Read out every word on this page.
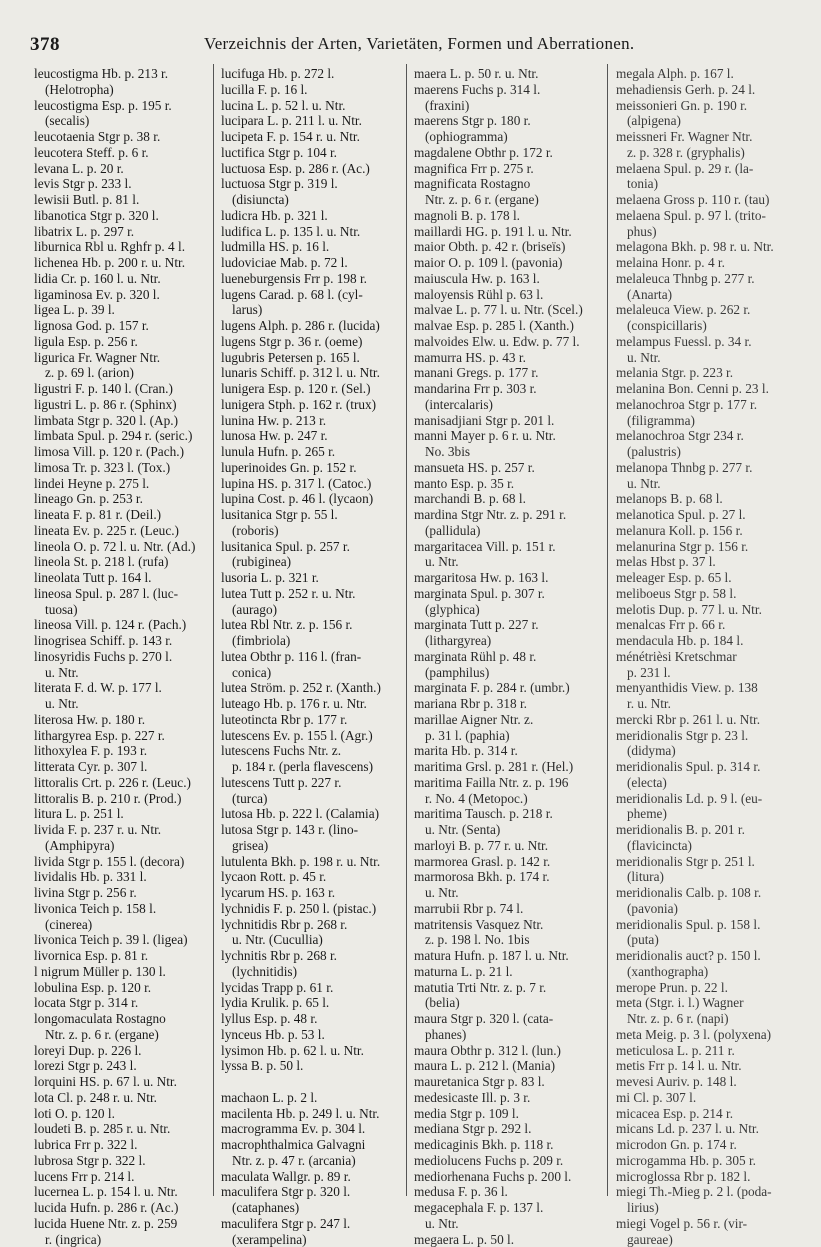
378	Verzeichnis der Arten, Varietäten, Formen und Aberrationen.
leucostigma Hb. p. 213 r.
(Helotropha)
leucostigma Esp. p. 195 r.
(secalis)
leucotaenia Stgr p. 38 r.
leucotera Steff. p. 6 r.
levana L. p. 20 r.
levis Stgr p. 233 l.
lewisii Butl. p. 81 l.
libanotica Stgr p. 320 l.
libatrix L. p. 297 r.
liburnica Rbl u. Rghfr p. 4 l.
lichenea Hb. p. 200 r. u. Ntr.
lidia Cr. p. 160 l. u. Ntr.
ligaminosa Ev. p. 320 l.
ligea L. p. 39 l.
lignosa God. p. 157 r.
ligula Esp. p. 256 r.
ligurica Fr. Wagner Ntr.
z. p. 69 l. (arion)
ligustri F. p. 140 l. (Cran.)
ligustri L. p. 86 r. (Sphinx)
limbata Stgr p. 320 l. (Ap.)
limbata Spul. p. 294 r. (seric.)
limosa Vill. p. 120 r. (Pach.)
limosa Tr. p. 323 l. (Tox.)
lindei Heyne p. 275 l.
lineago Gn. p. 253 r.
lineata F. p. 81 r. (Deil.)
lineata Ev. p. 225 r. (Leuc.)
lineola O. p. 72 l. u. Ntr. (Ad.)
lineola St. p. 218 l. (rufa)
lineolata Tutt p. 164 l.
lineosa Spul. p. 287 l. (luc-
tuosa)
lineosa Vill. p. 124 r. (Pach.)
linogrisea Schiff. p. 143 r.
linosyridis Fuchs p. 270 l.
u. Ntr.
literata F. d. W. p. 177 l.
u. Ntr.
literosa Hw. p. 180 r.
lithargyrea Esp. p. 227 r.
lithoxylea F. p. 193 r.
litterata Cyr. p. 307 l.
littoralis Crt. p. 226 r. (Leuc.)
littoralis B. p. 210 r. (Prod.)
litura L. p. 251 l.
livida F. p. 237 r. u. Ntr.
(Amphipyra)
livida Stgr p. 155 l. (decora)
lividalis Hb. p. 331 l.
livina Stgr p. 256 r.
livonica Teich p. 158 l.
(cinerea)
livonica Teich p. 39 l. (ligea)
livornica Esp. p. 81 r.
l nigrum Müller p. 130 l.
lobulina Esp. p. 120 r.
locata Stgr p. 314 r.
longomaculata Rostagno
Ntr. z. p. 6 r. (ergane)
loreyi Dup. p. 226 l.
lorezi Stgr p. 243 l.
lorquini HS. p. 67 l. u. Ntr.
lota Cl. p. 248 r. u. Ntr.
loti O. p. 120 l.
loudeti B. p. 285 r. u. Ntr.
lubrica Frr p. 322 l.
lubrosa Stgr p. 322 l.
lucens Frr p. 214 l.
lucernea L. p. 154 l. u. Ntr.
lucida Hufn. p. 286 r. (Ac.)
lucida Huene Ntr. z. p. 259
r. (ingrica)
lucifuga Hb. p. 272 l.
lucilla F. p. 16 l.
lucina L. p. 52 l. u. Ntr.
lucipara L. p. 211 l. u. Ntr.
lucipeta F. p. 154 r. u. Ntr.
luctifica Stgr p. 104 r.
luctuosa Esp. p. 286 r. (Ac.)
luctuosa Stgr p. 319 l.
(disiuncta)
ludicra Hb. p. 321 l.
ludifica L. p. 135 l. u. Ntr.
ludmilla HS. p. 16 l.
ludoviciae Mab. p. 72 l.
lueneburgensis Frr p. 198 r.
lugens Carad. p. 68 l. (cyl-
larus)
lugens Alph. p. 286 r. (lucida)
lugens Stgr p. 36 r. (oeme)
lugubris Petersen p. 165 l.
lunaris Schiff. p. 312 l. u. Ntr.
lunigera Esp. p. 120 r. (Sel.)
lunigera Stph. p. 162 r. (trux)
lunina Hw. p. 213 r.
lunosa Hw. p. 247 r.
lunula Hufn. p. 265 r.
luperinoides Gn. p. 152 r.
lupina HS. p. 317 l. (Catoc.)
lupina Cost. p. 46 l. (lycaon)
lusitanica Stgr p. 55 l.
(roboris)
lusitanica Spul. p. 257 r.
(rubiginea)
lusoria L. p. 321 r.
lutea Tutt p. 252 r. u. Ntr.
(aurago)
lutea Rbl Ntr. z. p. 156 r.
(fimbriola)
lutea Obthr p. 116 l. (fran-
conica)
lutea Ström. p. 252 r. (Xanth.)
luteago Hb. p. 176 r. u. Ntr.
luteotincta Rbr p. 177 r.
lutescens Ev. p. 155 l. (Agr.)
lutescens Fuchs Ntr. z.
p. 184 r. (perla flavescens)
lutescens Tutt p. 227 r.
(turca)
lutosa Hb. p. 222 l. (Calamia)
lutosa Stgr p. 143 r. (lino-
grisea)
lutulenta Bkh. p. 198 r. u. Ntr.
lycaon Rott. p. 45 r.
lycarum HS. p. 163 r.
lychnidis F. p. 250 l. (pistac.)
lychnitidis Rbr p. 268 r.
u. Ntr. (Cucullia)
lychnitis Rbr p. 268 r.
(lychnitidis)
lycidas Trapp p. 61 r.
lydia Krulik. p. 65 l.
lyllus Esp. p. 48 r.
lynceus Hb. p. 53 l.
lysimon Hb. p. 62 l. u. Ntr.
lyssa B. p. 50 l.

machaon L. p. 2 l.
macilenta Hb. p. 249 l. u. Ntr.
macrogramma Ev. p. 304 l.
macrophthalmica Galvagni
Ntr. z. p. 47 r. (arcania)
maculata Wallgr. p. 89 r.
maculifera Stgr p. 320 l.
(cataphanes)
maculifera Stgr p. 247 l.
(xerampelina)
maera L. p. 50 r. u. Ntr.
maerens Fuchs p. 314 l.
(fraxini)
maerens Stgr p. 180 r.
(ophiogramma)
magdalene Obthr p. 172 r.
magnifica Frr p. 275 r.
magnificata Rostagno
Ntr. z. p. 6 r. (ergane)
magnoli B. p. 178 l.
maillardi HG. p. 191 l. u. Ntr.
maior Obth. p. 42 r. (briseïs)
maior O. p. 109 l. (pavonia)
maiuscula Hw. p. 163 l.
maloyensis Rühl p. 63 l.
malvae L. p. 77 l. u. Ntr. (Scel.)
malvae Esp. p. 285 l. (Xanth.)
malvoides Elw. u. Edw. p. 77 l.
mamurra HS. p. 43 r.
manani Gregs. p. 177 r.
mandarina Frr p. 303 r.
(intercalaris)
manisadjiani Stgr p. 201 l.
manni Mayer p. 6 r. u. Ntr.
No. 3bis
mansueta HS. p. 257 r.
manto Esp. p. 35 r.
marchandi B. p. 68 l.
mardina Stgr Ntr. z. p. 291 r.
(pallidula)
margaritacea Vill. p. 151 r.
u. Ntr.
margaritosa Hw. p. 163 l.
marginata Spul. p. 307 r.
(glyphica)
marginata Tutt p. 227 r.
(lithargyrea)
marginata Rühl p. 48 r.
(pamphilus)
marginata F. p. 284 r. (umbr.)
mariana Rbr p. 318 r.
marillae Aigner Ntr. z.
p. 31 l. (paphia)
marita Hb. p. 314 r.
maritima Grsl. p. 281 r. (Hel.)
maritima Failla Ntr. z. p. 196
r. No. 4 (Metopoc.)
maritima Tausch. p. 218 r.
u. Ntr. (Senta)
marloyi B. p. 77 r. u. Ntr.
marmorea Grasl. p. 142 r.
marmorosa Bkh. p. 174 r.
u. Ntr.
marrubii Rbr p. 74 l.
matritensis Vasquez Ntr.
z. p. 198 l. No. 1bis
matura Hufn. p. 187 l. u. Ntr.
maturna L. p. 21 l.
matutia Trti Ntr. z. p. 7 r.
(belia)
maura Stgr p. 320 l. (cata-
phanes)
maura Obthr p. 312 l. (lun.)
maura L. p. 212 l. (Mania)
mauretanica Stgr p. 83 l.
medesicaste Ill. p. 3 r.
media Stgr p. 109 l.
mediana Stgr p. 292 l.
medicaginis Bkh. p. 118 r.
mediolucens Fuchs p. 209 r.
mediorhenana Fuchs p. 200 l.
medusa F. p. 36 l.
megacephala F. p. 137 l.
u. Ntr.
megaera L. p. 50 l.
megala Alph. p. 167 l.
mehadiensis Gerh. p. 24 l.
meissonieri Gn. p. 190 r.
(alpigena)
meissneri Fr. Wagner Ntr.
z. p. 328 r. (gryphalis)
melaena Spul. p. 29 r. (la-
tonia)
melaena Gross p. 110 r. (tau)
melaena Spul. p. 97 l. (trito-
phus)
melagona Bkh. p. 98 r. u. Ntr.
melaina Honr. p. 4 r.
melaleuca Thnbg p. 277 r.
(Anarta)
melaleuca View. p. 262 r.
(conspicillaris)
melampus Fuessl. p. 34 r.
u. Ntr.
melania Stgr. p. 223 r.
melanina Bon. Cenni p. 23 l.
melanochroa Stgr p. 177 r.
(filigramma)
melanochroa Stgr 234 r.
(palustris)
melanopa Thnbg p. 277 r.
u. Ntr.
melanops B. p. 68 l.
melanotica Spul. p. 27 l.
melanura Koll. p. 156 r.
melanurina Stgr p. 156 r.
melas Hbst p. 37 l.
meleager Esp. p. 65 l.
meliboeus Stgr p. 58 l.
melotis Dup. p. 77 l. u. Ntr.
menalcas Frr p. 66 r.
mendacula Hb. p. 184 l.
ménétrièsi Kretschmar
p. 231 l.
menyanthidis View. p. 138
r. u. Ntr.
mercki Rbr p. 261 l. u. Ntr.
meridionalis Stgr p. 23 l.
(didyma)
meridionalis Spul. p. 314 r.
(electa)
meridionalis Ld. p. 9 l. (eu-
pheme)
meridionalis B. p. 201 r.
(flavicincta)
meridionalis Stgr p. 251 l.
(litura)
meridionalis Calb. p. 108 r.
(pavonia)
meridionalis Spul. p. 158 l.
(puta)
meridionalis auct? p. 150 l.
(xanthographa)
merope Prun. p. 22 l.
meta (Stgr. i. l.) Wagner
Ntr. z. p. 6 r. (napi)
meta Meig. p. 3 l. (polyxena)
meticulosa L. p. 211 r.
metis Frr p. 14 l. u. Ntr.
mevesi Auriv. p. 148 l.
mi Cl. p. 307 l.
micacea Esp. p. 214 r.
micans Ld. p. 237 l. u. Ntr.
microdon Gn. p. 174 r.
microgamma Hb. p. 305 r.
microglossa Rbr p. 182 l.
miegi Th.-Mieg p. 2 l. (poda-
lirius)
miegi Vogel p. 56 r. (vir-
gaureae)
